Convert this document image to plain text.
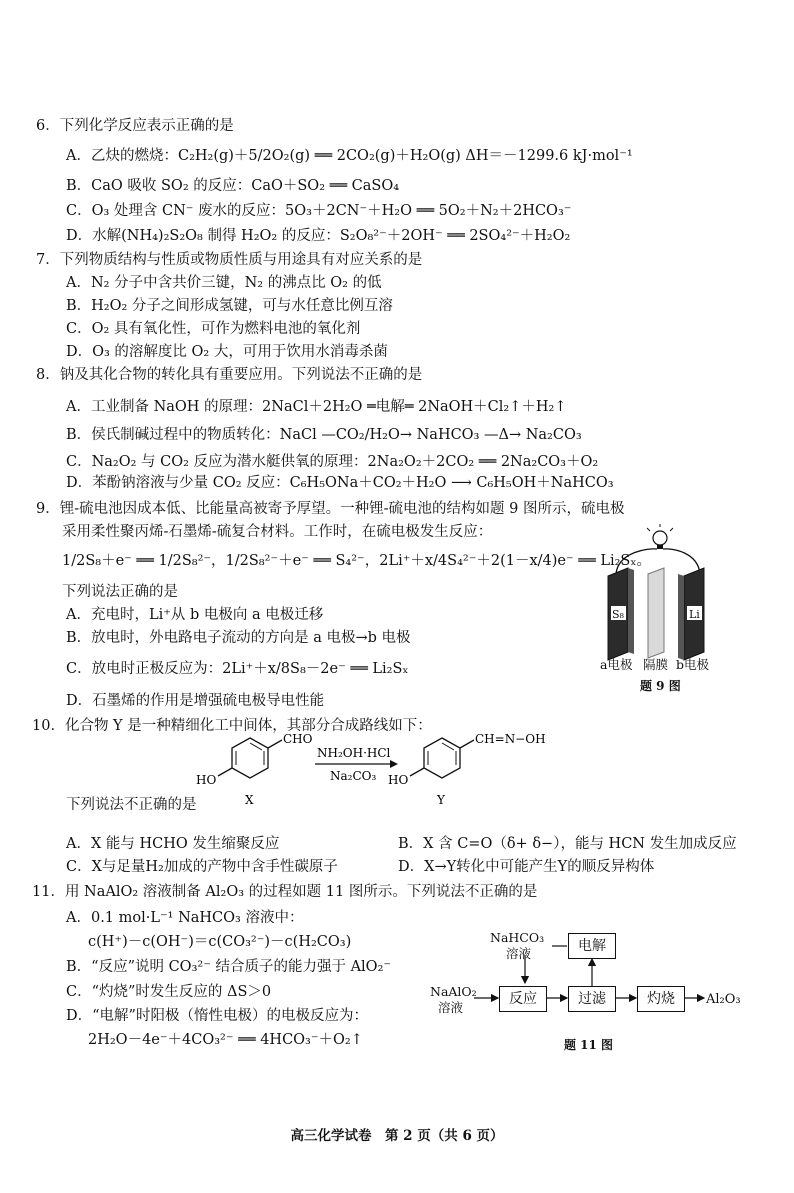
6．下列化学反应表示正确的是
A．乙炔的燃烧：C₂H₂(g)＋5/2O₂(g) ══ 2CO₂(g)＋H₂O(g) ΔH＝－1299.6 kJ·mol⁻¹
B．CaO 吸收 SO₂ 的反应：CaO＋SO₂ ══ CaSO₄
C．O₃ 处理含 CN⁻ 废水的反应：5O₃＋2CN⁻＋H₂O ══ 5O₂＋N₂＋2HCO₃⁻
D．水解(NH₄)₂S₂O₈ 制得 H₂O₂ 的反应：S₂O₈²⁻＋2OH⁻ ══ 2SO₄²⁻＋H₂O₂
7．下列物质结构与性质或物质性质与用途具有对应关系的是
A．N₂ 分子中含共价三键，N₂ 的沸点比 O₂ 的低
B．H₂O₂ 分子之间形成氢键，可与水任意比例互溶
C．O₂ 具有氧化性，可作为燃料电池的氧化剂
D．O₃ 的溶解度比 O₂ 大，可用于饮用水消毒杀菌
8．钠及其化合物的转化具有重要应用。下列说法不正确的是
A．工业制备 NaOH 的原理：2NaCl＋2H₂O ═电解═ 2NaOH＋Cl₂↑＋H₂↑
B．侯氏制碱过程中的物质转化：NaCl —CO₂/H₂O→ NaHCO₃ —Δ→ Na₂CO₃
C．Na₂O₂ 与 CO₂ 反应为潜水艇供氧的原理：2Na₂O₂＋2CO₂ ══ 2Na₂CO₃＋O₂
D．苯酚钠溶液与少量 CO₂ 反应：C₆H₅ONa＋CO₂＋H₂O ⟶ C₆H₅OH＋NaHCO₃
9．锂-硫电池因成本低、比能量高被寄予厚望。一种锂-硫电池的结构如题 9 图所示，硫电极
采用柔性聚丙烯-石墨烯-硫复合材料。工作时，在硫电极发生反应：
1/2S₈＋e⁻ ══ 1/2S₈²⁻，1/2S₈²⁻＋e⁻ ══ S₄²⁻，2Li⁺＋x/4S₄²⁻＋2(1－x/4)e⁻ ══ Li₂Sₓ。
下列说法正确的是
A．充电时，Li⁺从 b 电极向 a 电极迁移
B．放电时，外电路电子流动的方向是 a 电极→b 电极
C．放电时正极反应为：2Li⁺＋x/8S₈－2e⁻ ══ Li₂Sₓ
D．石墨烯的作用是增强硫电极导电性能
S₈	Li
a电极 隔膜 b电极
题 9 图
10．化合物 Y 是一种精细化工中间体，其部分合成路线如下：
CHO
HO
NH₂OH·HCl
Na₂CO₃
CH=N−OH
HO
X	Y
下列说法不正确的是
A．X 能与 HCHO 发生缩聚反应	B．X 含 C=O（δ+ δ−），能与 HCN 发生加成反应
C．X与足量H₂加成的产物中含手性碳原子	D．X→Y转化中可能产生Y的顺反异构体
11．用 NaAlO₂ 溶液制备 Al₂O₃ 的过程如题 11 图所示。下列说法不正确的是
A．0.1 mol·L⁻¹ NaHCO₃ 溶液中：
c(H⁺)－c(OH⁻)＝c(CO₃²⁻)－c(H₂CO₃)
B．“反应”说明 CO₃²⁻ 结合质子的能力强于 AlO₂⁻
C．“灼烧”时发生反应的 ΔS＞0
D．“电解”时阳极（惰性电极）的电极反应为：
2H₂O－4e⁻＋4CO₃²⁻ ══ 4HCO₃⁻＋O₂↑
NaHCO₃
溶液	电解
NaAlO₂
溶液
反应	过滤	灼烧	Al₂O₃
题 11 图
高三化学试卷　第 2 页（共 6 页）
